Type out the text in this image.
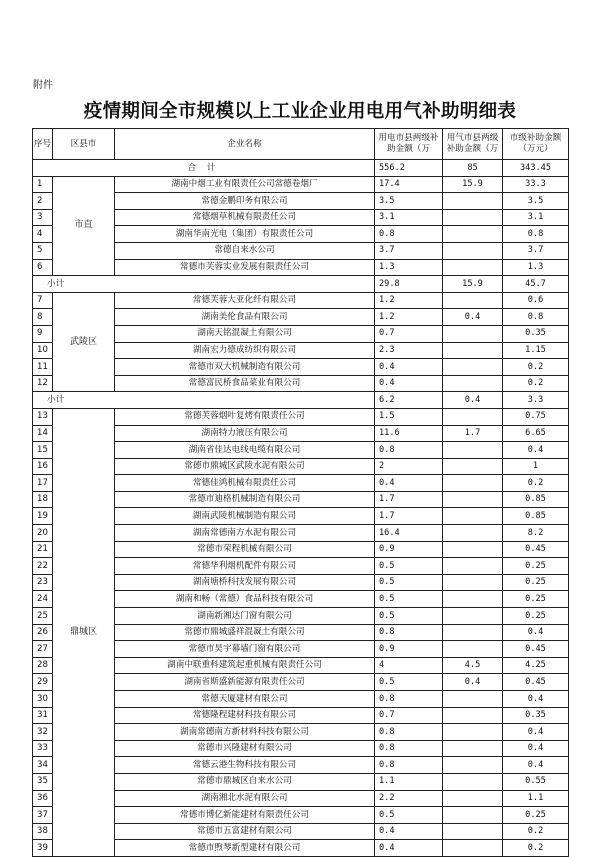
附件
疫情期间全市规模以上工业企业用电用气补助明细表
序号	区县市	企业名称	用电市县两级补助金额（万	用气市县两级补助金额（万	市级补助金额（万元）
合 计			556.2	85	343.45
1	市直	湖南中烟工业有限责任公司常德卷烟厂	17.4	15.9	33.3
2		常德金鹏印务有限公司	3.5		3.5
3		常德烟草机械有限责任公司	3.1		3.1
4		湖南华南光电（集团）有限责任公司	0.8		0.8
5		常德自来水公司	3.7		3.7
6		常德市芙蓉实业发展有限责任公司	1.3		1.3
小计			29.8	15.9	45.7
7	武陵区	常德芙蓉大亚化纤有限公司	1.2		0.6
8		湖南美伦食品有限公司	1.2	0.4	0.8
9		湖南天铭混凝土有限公司	0.7		0.35
10		湖南宏力德成纺织有限公司	2.3		1.15
11		常德市双大机械制造有限公司	0.4		0.2
12		常德富民桥食品菜业有限公司	0.4		0.2
小计			6.2	0.4	3.3
13	鼎城区	常德芙蓉烟叶复烤有限责任公司	1.5		0.75
14		湖南特力液压有限公司	11.6	1.7	6.65
15		湖南省佳达电线电缆有限公司	0.8		0.4
16		常德市鼎城区武陵水泥有限公司	2		1
17		常德佳鸿机械有限责任公司	0.4		0.2
18		常德市迪格机械制造有限公司	1.7		0.85
19		湖南武陵机械制造有限公司	1.7		0.85
20		湖南常德南方水泥有限公司	16.4		8.2
21		常德市荣程机械有限公司	0.9		0.45
22		常德华利烟机配件有限公司	0.5		0.25
23		湖南塘桥科技发展有限公司	0.5		0.25
24		湖南和畅（常德）食品科技有限公司	0.5		0.25
25		湖南新湘达门窗有限公司	0.5		0.25
26		常德市鼎城盛祥混凝土有限公司	0.8		0.4
27		常德市昊宇幕墙门窗有限公司	0.9		0.45
28		湖南中联重科建筑起重机械有限责任公司	4	4.5	4.25
29		湖南省斯盛新能源有限责任公司	0.5	0.4	0.45
30		常德天厦建材有限公司	0.8		0.4
31		常德隆程建材科技有限公司	0.7		0.35
32		湖南常德南方新材料科技有限公司	0.8		0.4
33		常德市兴隆建材有限公司	0.8		0.4
34		常德云港生物科技有限公司	0.8		0.4
35		常德市鼎城区自来水公司	1.1		0.55
36		湖南湘北水泥有限公司	2.2		1.1
37		常德市博亿新能建材有限责任公司	0.5		0.25
38		常德市五富建材有限公司	0.4		0.2
39		常德市煦琴新型建材有限公司	0.4		0.2
